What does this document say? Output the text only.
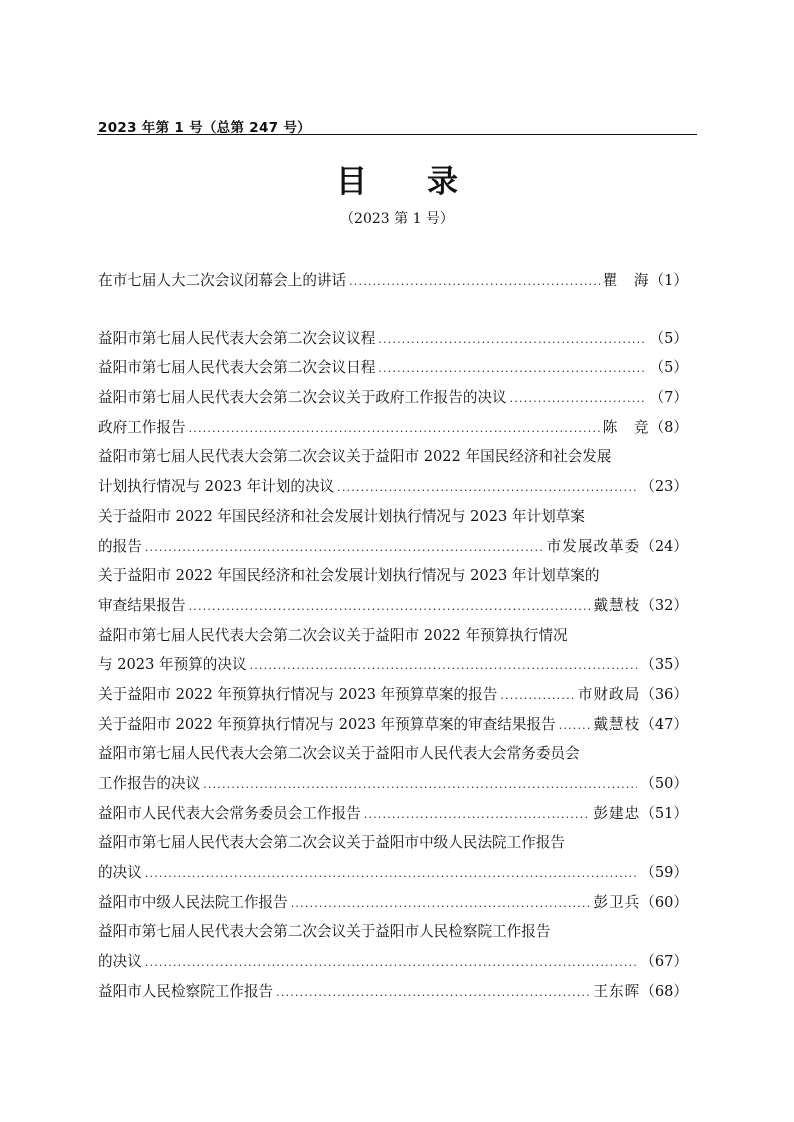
2023 年第 1 号（总第 247 号）
目 录
（2023 第 1 号）
在市七届人大二次会议闭幕会上的讲话 .....	瞿　海 （1）
益阳市第七届人民代表大会第二次会议议程 .....	（5）
益阳市第七届人民代表大会第二次会议日程 .....	（5）
益阳市第七届人民代表大会第二次会议关于政府工作报告的决议 .....	（7）
政府工作报告 .....	陈　竞 （8）
益阳市第七届人民代表大会第二次会议关于益阳市 2022 年国民经济和社会发展
计划执行情况与 2023 年计划的决议 .....	（23）
关于益阳市 2022 年国民经济和社会发展计划执行情况与 2023 年计划草案
的报告 .....	市发展改革委 （24）
关于益阳市 2022 年国民经济和社会发展计划执行情况与 2023 年计划草案的
审查结果报告 .....	戴慧枝 （32）
益阳市第七届人民代表大会第二次会议关于益阳市 2022 年预算执行情况
与 2023 年预算的决议 .....	（35）
关于益阳市 2022 年预算执行情况与 2023 年预算草案的报告 .....	市财政局 （36）
关于益阳市 2022 年预算执行情况与 2023 年预算草案的审查结果报告 .....	戴慧枝 （47）
益阳市第七届人民代表大会第二次会议关于益阳市人民代表大会常务委员会
工作报告的决议 .....	（50）
益阳市人民代表大会常务委员会工作报告 .....	彭建忠 （51）
益阳市第七届人民代表大会第二次会议关于益阳市中级人民法院工作报告
的决议 .....	（59）
益阳市中级人民法院工作报告 .....	彭卫兵 （60）
益阳市第七届人民代表大会第二次会议关于益阳市人民检察院工作报告
的决议 .....	（67）
益阳市人民检察院工作报告 .....	王东晖 （68）
